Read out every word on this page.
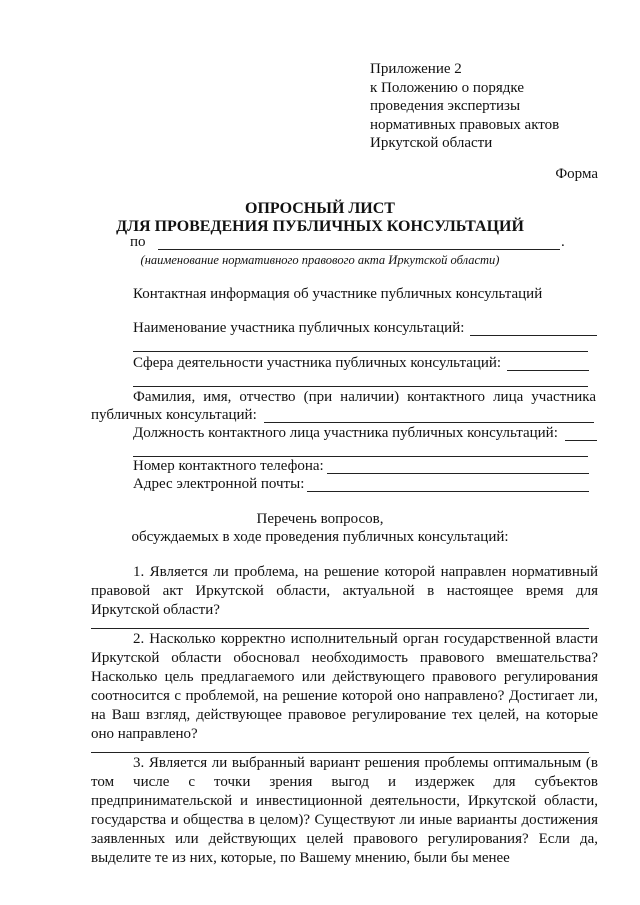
Приложение 2
к Положению о порядке
проведения экспертизы
нормативных правовых актов
Иркутской области
Форма
ОПРОСНЫЙ ЛИСТ
ДЛЯ ПРОВЕДЕНИЯ ПУБЛИЧНЫХ КОНСУЛЬТАЦИЙ
по	.
(наименование нормативного правового акта Иркутской области)
Контактная информация об участнике публичных консультаций
Наименование участника публичных консультаций:
Сфера деятельности участника публичных консультаций:
Фамилия, имя, отчество (при наличии) контактного лица участника
публичных консультаций:
Должность контактного лица участника публичных консультаций:
Номер контактного телефона:
Адрес электронной почты:
Перечень вопросов,
обсуждаемых в ходе проведения публичных консультаций:
1. Является ли проблема, на решение которой направлен нормативный правовой акт Иркутской области, актуальной в настоящее время для Иркутской области?
2. Насколько корректно исполнительный орган государственной власти Иркутской области обосновал необходимость правового вмешательства? Насколько цель предлагаемого или действующего правового регулирования соотносится с проблемой, на решение которой оно направлено? Достигает ли, на Ваш взгляд, действующее правовое регулирование тех целей, на которые оно направлено?
3. Является ли выбранный вариант решения проблемы оптимальным (в том числе с точки зрения выгод и издержек для субъектов предпринимательской и инвестиционной деятельности, Иркутской области, государства и общества в целом)? Существуют ли иные варианты достижения заявленных или действующих целей правового регулирования? Если да, выделите те из них, которые, по Вашему мнению, были бы менее
